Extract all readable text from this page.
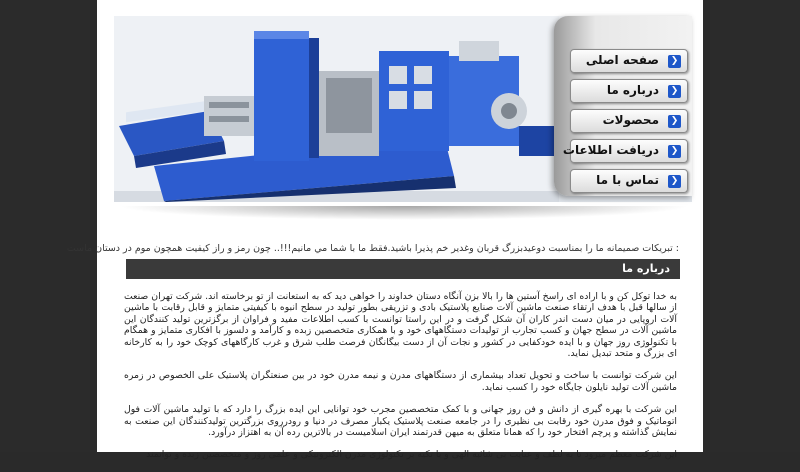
❮
صفحه اصلی
❮
درباره ما
❮
محصولات
❮
دریافت اطلاعات
❮
تماس با ما
: تبریکات صمیمانه ما را بمناسبت دوعیدبزرگ قربان وغدیر خم پذیرا باشید.فقط ما با شما مي مانيم!!!.. چون رمز و راز كيفيت همچون موم در دستان ماست
درباره ما

به خدا توکل کن و با اراده ای راسخ آستین ها را بالا بزن آنگاه دستان خداوند را خواهی دید که به استعانت از تو برخاسته اند. شرکت تهران صنعت از سالها قبل با هدف ارتقاء صنعت ماشین آلات صنایع پلاستیک بادی و تزریقی بطور تولید در سطح انبوه با کیفیتی متمایز و قابل رقابت با ماشین آلات اروپایی در میان دست اندر کاران آن شکل گرفت و در این راستا توانست با کسب اطلاعات مفید و فراوان از برگزترین تولید کنندگان این ماشین آلات در سطح جهان و کسب تجارب از تولیدات دستگاههای خود و با همکاری متخصصین زبده و کارآمد و دلسوز با افکاری متمایز و همگام با تکنولوژی روز جهان و با ایده خودکفایی در کشور و نجات آن از دست بیگانگان فرصت طلب شرق و غرب کارگاههای کوچک خود را به کارخانه ای بزرگ و متحد تبدیل نماید.

این شرکت توانست با ساخت و تحویل تعداد بیشماری از دستگاههای مدرن و نیمه مدرن خود در بین صنعتگران پلاستیک علی الخصوص در زمره ماشین آلات تولید نایلون جایگاه خود را کسب نماید.

این شرکت با بهره گیری از دانش و فن روز جهانی و با کمک متخصصین مجرب خود توانایی این ایده بزرگ را دارد که با تولید ماشین آلات فول اتوماتیک و فوق مدرن خود رقابت بی نظیری را در جامعه صنعت پلاستیک یکبار مصرف در دنیا و رودرروی بزرگترین تولیدکنندگان این صنعت به نمایش گذاشته و پرچم افتخار خود را که همانا متعلق به میهن قدرتمند ایران اسلامیست در بالاترین رده آن به اهتزاز درآورد.

این شرکت معظم میرود تا به لطف و عنایت بی شائبه الهی و با تکیه بر تکنولوژی مدرن الکترونیکی و علمی روز و متخصصین زبده و توانمند
